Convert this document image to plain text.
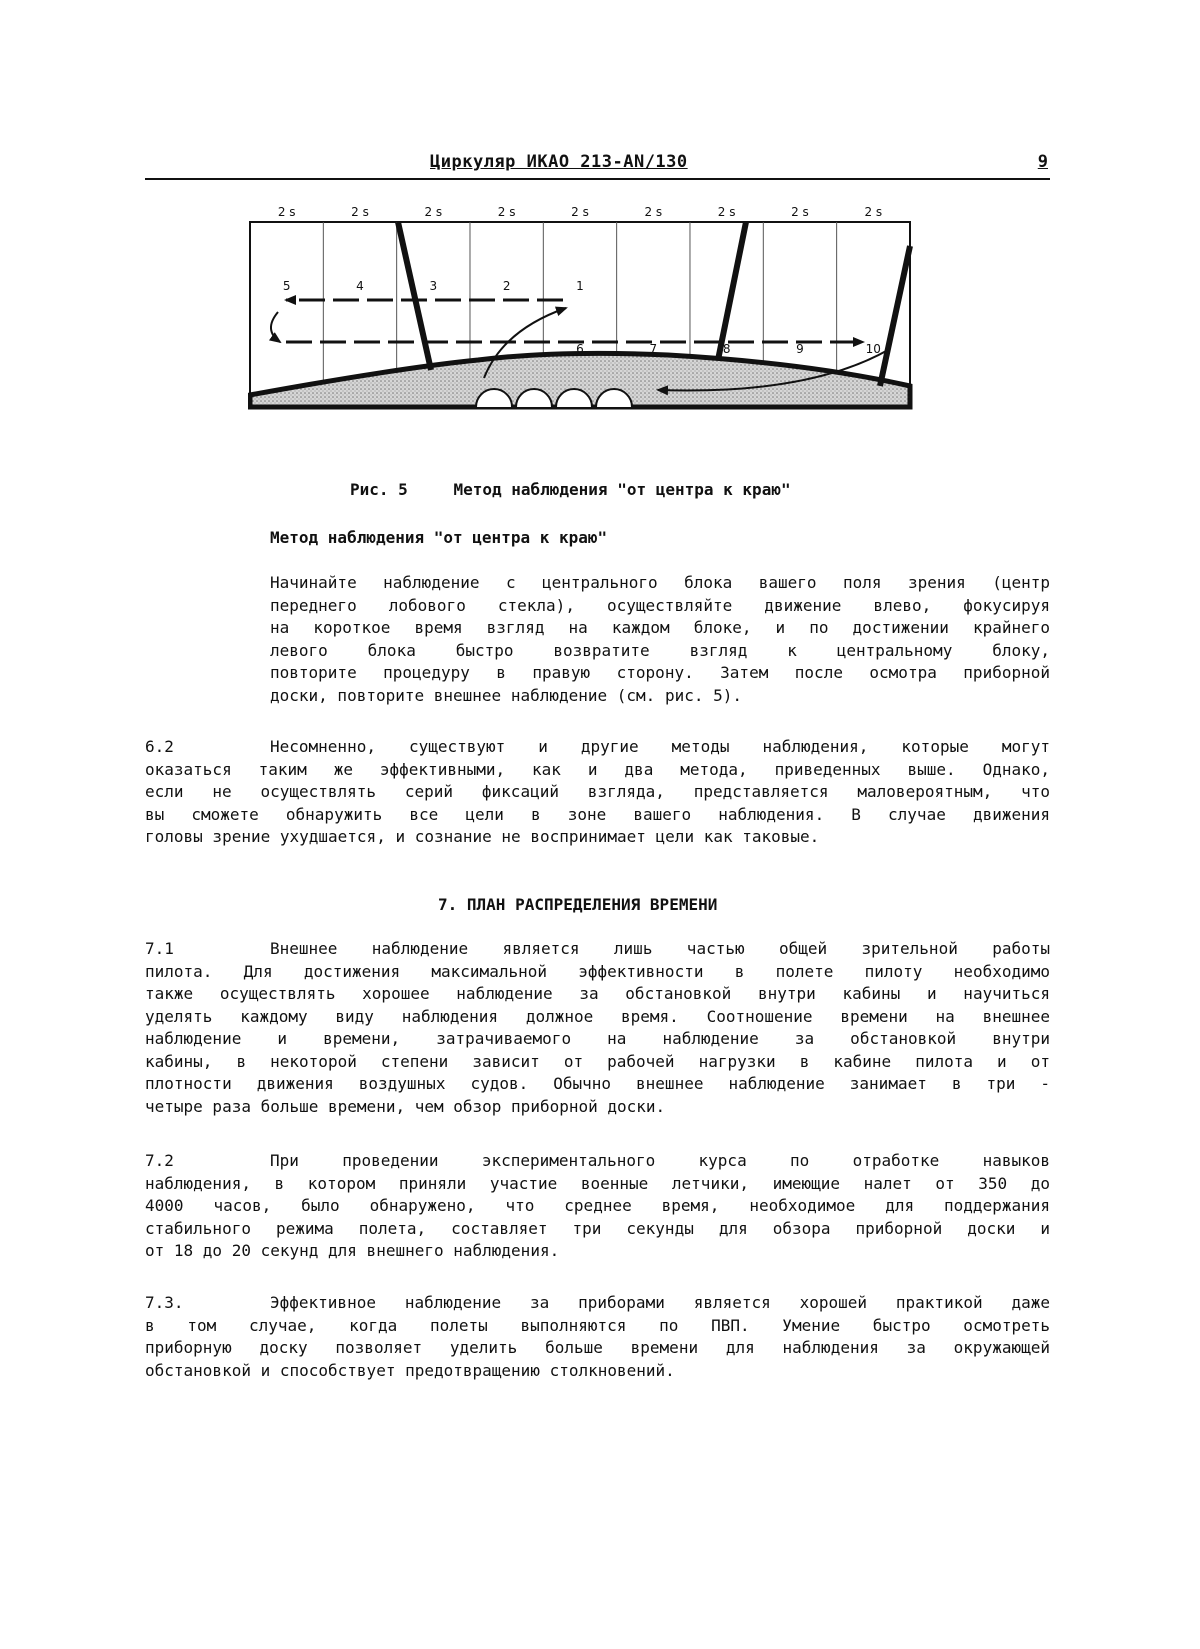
Циркуляр ИКАО 213-AN/130	9
2 s	2 s	2 s	2 s	2 s	2 s	2 s	2 s	2 s
5	4	3	2	1
6	7	8	9	10
Рис. 5	Метод наблюдения "от центра к краю"
Метод наблюдения "от центра к краю"
Начинайте наблюдение с центрального блока вашего поля зрения (центр
переднего лобового стекла), осуществляйте движение влево, фокусируя
на короткое время взгляд на каждом блоке, и по достижении крайнего
левого блока быстро возвратите взгляд к центральному блоку,
повторите процедуру в правую сторону. Затем после осмотра приборной
доски, повторите внешнее наблюдение (см. рис. 5).
6.2	Несомненно, существуют и другие методы наблюдения, которые могут
оказаться таким же эффективными, как и два метода, приведенных выше. Однако,
если не осуществлять серий фиксаций взгляда, представляется маловероятным, что
вы сможете обнаружить все цели в зоне вашего наблюдения. В случае движения
головы зрение ухудшается, и сознание не воспринимает цели как таковые.
7. ПЛАН РАСПРЕДЕЛЕНИЯ ВРЕМЕНИ
7.1	Внешнее наблюдение является лишь частью общей зрительной работы
пилота. Для достижения максимальной эффективности в полете пилоту необходимо
также осуществлять хорошее наблюдение за обстановкой внутри кабины и научиться
уделять каждому виду наблюдения должное время. Соотношение времени на внешнее
наблюдение и времени, затрачиваемого на наблюдение за обстановкой внутри
кабины, в некоторой степени зависит от рабочей нагрузки в кабине пилота и от
плотности движения воздушных судов. Обычно внешнее наблюдение занимает в три -
четыре раза больше времени, чем обзор приборной доски.
7.2	При проведении экспериментального курса по отработке навыков
наблюдения, в котором приняли участие военные летчики, имеющие налет от 350 до
4000 часов, было обнаружено, что среднее время, необходимое для поддержания
стабильного режима полета, составляет три секунды для обзора приборной доски и
от 18 до 20 секунд для внешнего наблюдения.
7.3.	Эффективное наблюдение за приборами является хорошей практикой даже
в том случае, когда полеты выполняются по ПВП. Умение быстро осмотреть
приборную доску позволяет уделить больше времени для наблюдения за окружающей
обстановкой и способствует предотвращению столкновений.
